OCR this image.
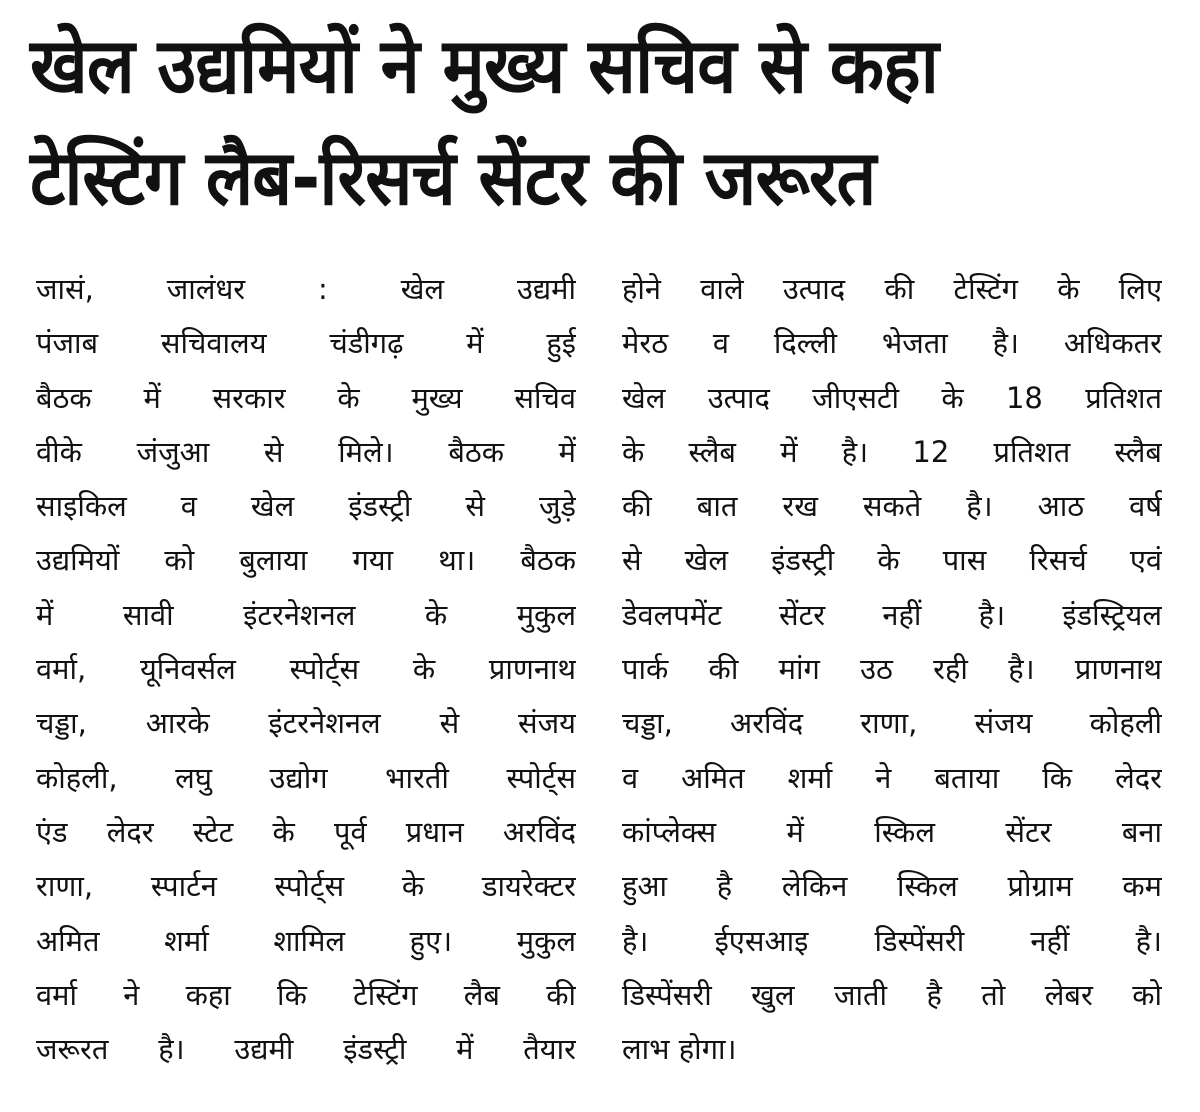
खेल उद्यमियों ने मुख्य सचिव से कहा
टेस्टिंग लैब-रिसर्च सेंटर की जरूरत
जासं, जालंधर : खेल उद्यमी
पंजाब सचिवालय चंडीगढ़ में हुई
बैठक में सरकार के मुख्य सचिव
वीके जंजुआ से मिले। बैठक में
साइकिल व खेल इंडस्ट्री से जुड़े
उद्यमियों को बुलाया गया था। बैठक
में सावी इंटरनेशनल के मुकुल
वर्मा, यूनिवर्सल स्पोर्ट्स के प्राणनाथ
चड्डा, आरके इंटरनेशनल से संजय
कोहली, लघु उद्योग भारती स्पोर्ट्स
एंड लेदर स्टेट के पूर्व प्रधान अरविंद
राणा, स्पार्टन स्पोर्ट्स के डायरेक्टर
अमित शर्मा शामिल हुए। मुकुल
वर्मा ने कहा कि टेस्टिंग लैब की
जरूरत है। उद्यमी इंडस्ट्री में तैयार
होने वाले उत्पाद की टेस्टिंग के लिए
मेरठ व दिल्ली भेजता है। अधिकतर
खेल उत्पाद जीएसटी के 18 प्रतिशत
के स्लैब में है। 12 प्रतिशत स्लैब
की बात रख सकते है। आठ वर्ष
से खेल इंडस्ट्री के पास रिसर्च एवं
डेवलपमेंट सेंटर नहीं है। इंडस्ट्रियल
पार्क की मांग उठ रही है। प्राणनाथ
चड्डा, अरविंद राणा, संजय कोहली
व अमित शर्मा ने बताया कि लेदर
कांप्लेक्स में स्किल सेंटर बना
हुआ है लेकिन स्किल प्रोग्राम कम
है। ईएसआइ डिस्पेंसरी नहीं है।
डिस्पेंसरी खुल जाती है तो लेबर को
लाभ होगा।
